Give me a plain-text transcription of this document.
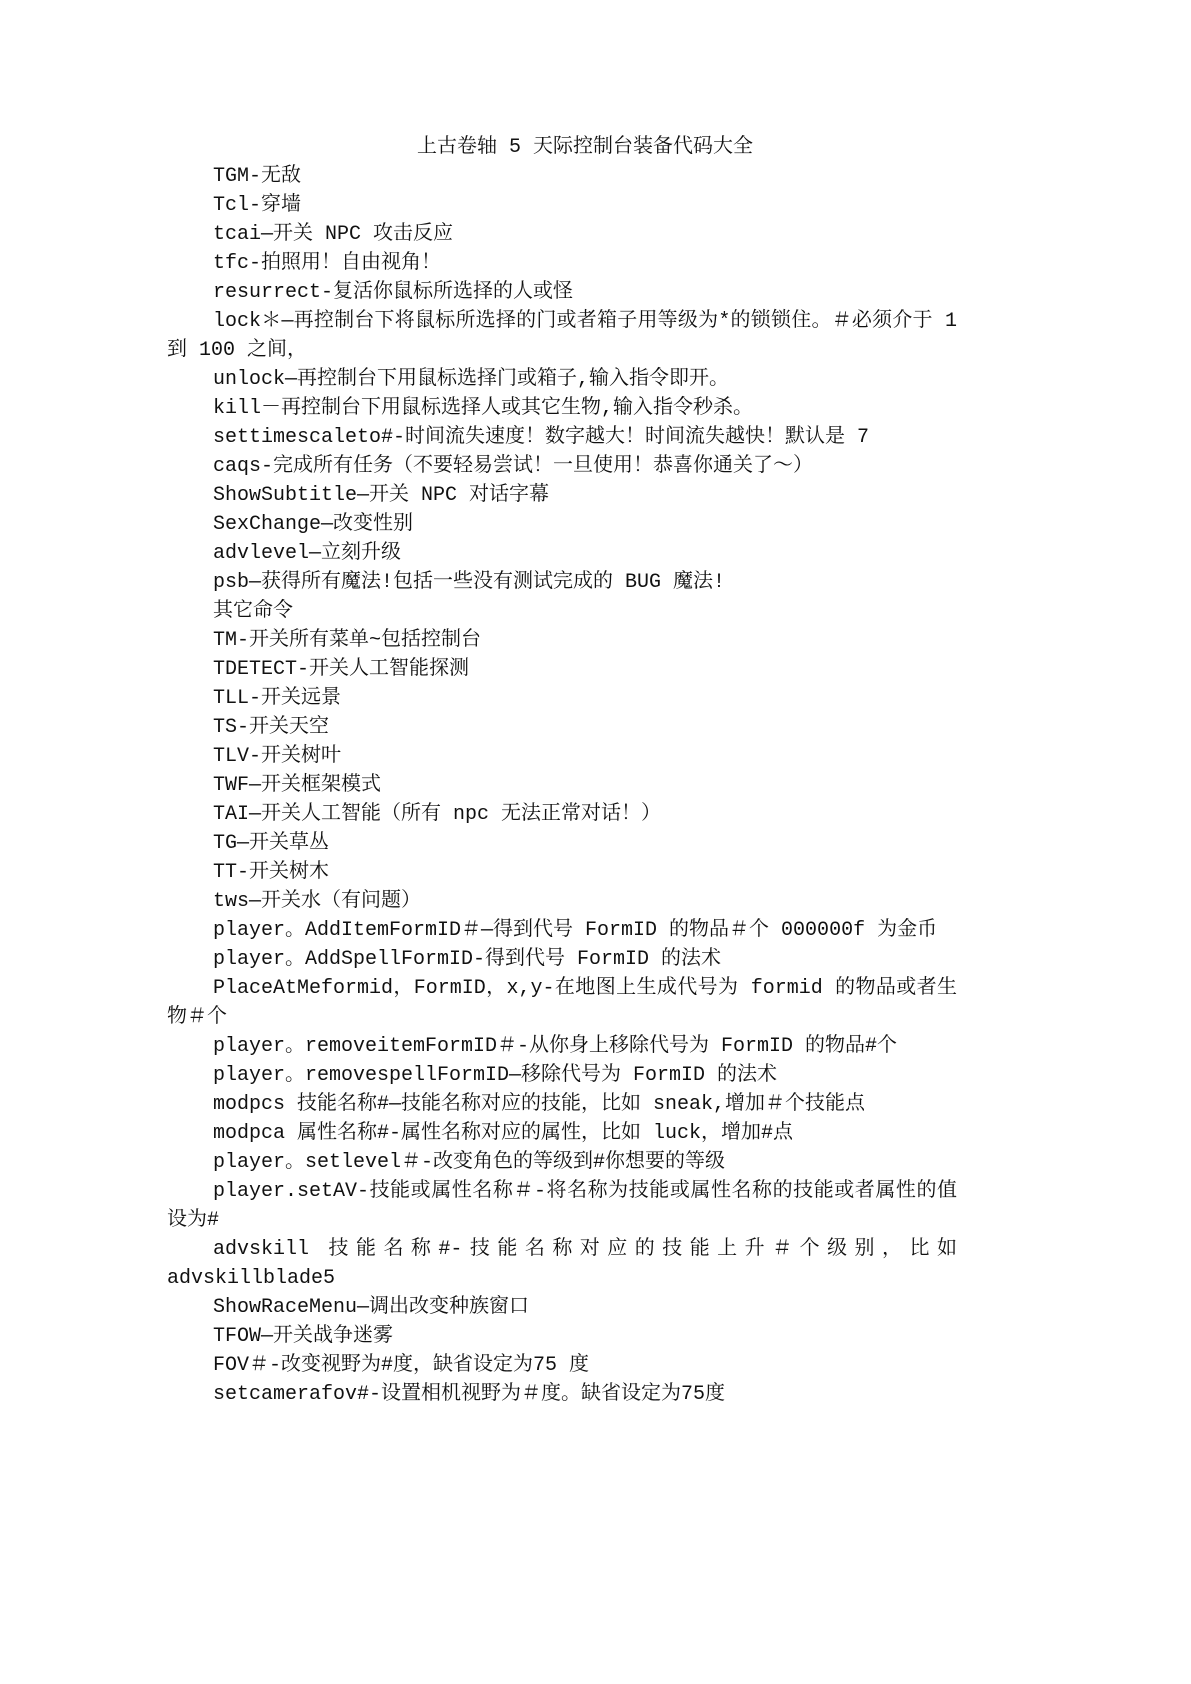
上古卷轴 5 天际控制台装备代码大全

TGM-无敌

Tcl-穿墙

tcai—开关 NPC 攻击反应

tfc-拍照用！自由视角！

resurrect-复活你鼠标所选择的人或怪

lock＊—再控制台下将鼠标所选择的门或者箱子用等级为*的锁锁住。＃必须介于 1 到 100 之间，

unlock—再控制台下用鼠标选择门或箱子,输入指令即开。

kill－再控制台下用鼠标选择人或其它生物,输入指令秒杀。

settimescaleto#-时间流失速度！数字越大！时间流失越快！默认是 7

caqs-完成所有任务（不要轻易尝试！一旦使用！恭喜你通关了～）

ShowSubtitle—开关 NPC 对话字幕

SexChange—改变性别

advlevel—立刻升级

psb—获得所有魔法!包括一些没有测试完成的 BUG 魔法!

其它命令

TM-开关所有菜单~包括控制台

TDETECT-开关人工智能探测

TLL-开关远景

TS-开关天空

TLV-开关树叶

TWF—开关框架模式

TAI—开关人工智能（所有 npc 无法正常对话！）

TG—开关草丛

TT-开关树木

tws—开关水（有问题）

player。AddItemFormID＃—得到代号 FormID 的物品＃个 000000f 为金币

player。AddSpellFormID-得到代号 FormID 的法术

PlaceAtMeformid，FormID，x,y-在地图上生成代号为 formid 的物品或者生物＃个

player。removeitemFormID＃-从你身上移除代号为 FormID 的物品#个

player。removespellFormID—移除代号为 FormID 的法术

modpcs 技能名称#—技能名称对应的技能，比如 sneak,增加＃个技能点

modpca 属性名称#-属性名称对应的属性，比如 luck，增加#点

player。setlevel＃-改变角色的等级到#你想要的等级

player.setAV-技能或属性名称＃-将名称为技能或属性名称的技能或者属性的值设为#

advskill 技能名称#-技能名称对应的技能上升＃个级别，比如 advskillblade5

ShowRaceMenu—调出改变种族窗口

TFOW—开关战争迷雾

FOV＃-改变视野为#度，缺省设定为75 度

setcamerafov#-设置相机视野为＃度。缺省设定为75度
